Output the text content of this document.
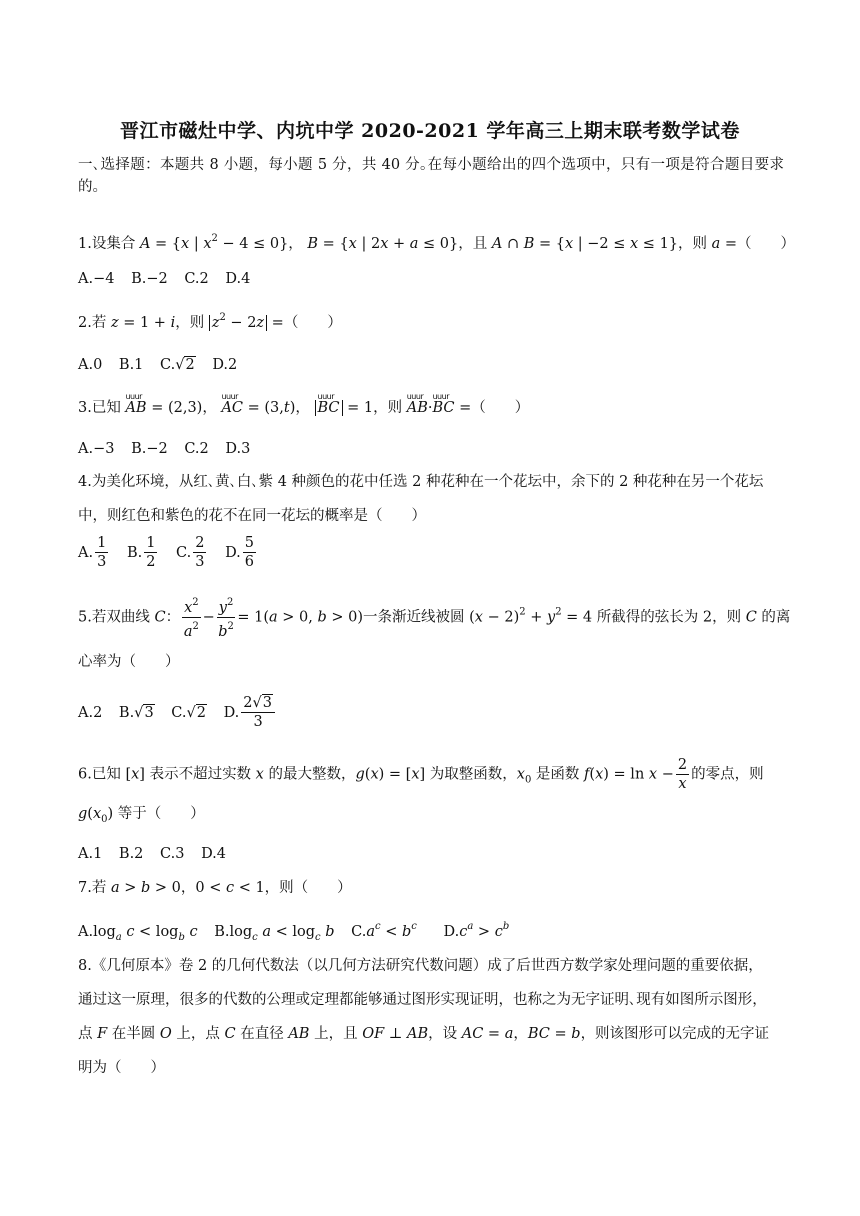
晋江市磁灶中学、内坑中学 2020-2021 学年高三上期末联考数学试卷
一､选择题：本题共 8 小题，每小题 5 分，共 40 分｡在每小题给出的四个选项中，只有一项是符合题目要求的｡
1.设集合 A = {x | $x^2 - 4 \le 0$}， B = {x | 2x + a ≤ 0}，且 A ∩ B = {x | −2 ≤ x ≤ 1}，则 a =（　　）
A.−4 B.−2 C.2 D.4
2.若 z = 1 + i，则 $z^2 - 2z$ =（　　）
A.0 B.1 C.√2 D.2
3.已知
uuur
AB = (2,3)，
uuur
AC = (3,t)，
uuur
BC = 1，则
uuur
AB·
uuur
BC =（　　）
A.−3 B.−2 C.2 D.3
4.为美化环境，从红､黄､白､紫 4 种颜色的花中任选 2 种花种在一个花坛中，余下的 2 种花种在另一个花坛
中，则红色和紫色的花不在同一花坛的概率是（　　）
A. $\frac{1}{3} B$. $\frac{1}{2} C$. $\frac{2}{3} D$. $\frac{5}{6}$
5.若双曲线 C： $\frac{x^2}{a^2} - \frac{y^2}{b^2} = 1(a > 0$, b > 0)一条渐近线被圆 $(x - 2)^2 + y^2 = 4$ 所截得的弦长为 2，则 C 的离
心率为（　　）
A.2 B.√3 C.√2 D. $\frac{2√3}{3}$
6.已知 [x] 表示不超过实数 x 的最大整数，g(x) = [x] 为取整函数，$x_0$ 是函数 $f(x) = \ln x - \frac{2}{x}$ 的零点，则
$g(x_0)$ 等于（　　）
A.1 B.2 C.3 D.4
7.若 a > b > 0，0 < c < 1，则（　　）
$A.\log_a$ $c < \log_b c$ $B.\log_c$ $a < \log_c b$ $C.a^c < b^c$ $D.c^a > c^b$
8.《几何原本》卷 2 的几何代数法（以几何方法研究代数问题）成了后世西方数学家处理问题的重要依据，
通过这一原理，很多的代数的公理或定理都能够通过图形实现证明，也称之为无字证明､现有如图所示图形，
点 F 在半圆 O 上，点 C 在直径 AB 上，且 OF ⊥ AB，设 AC = a，BC = b，则该图形可以完成的无字证
明为（　　）
